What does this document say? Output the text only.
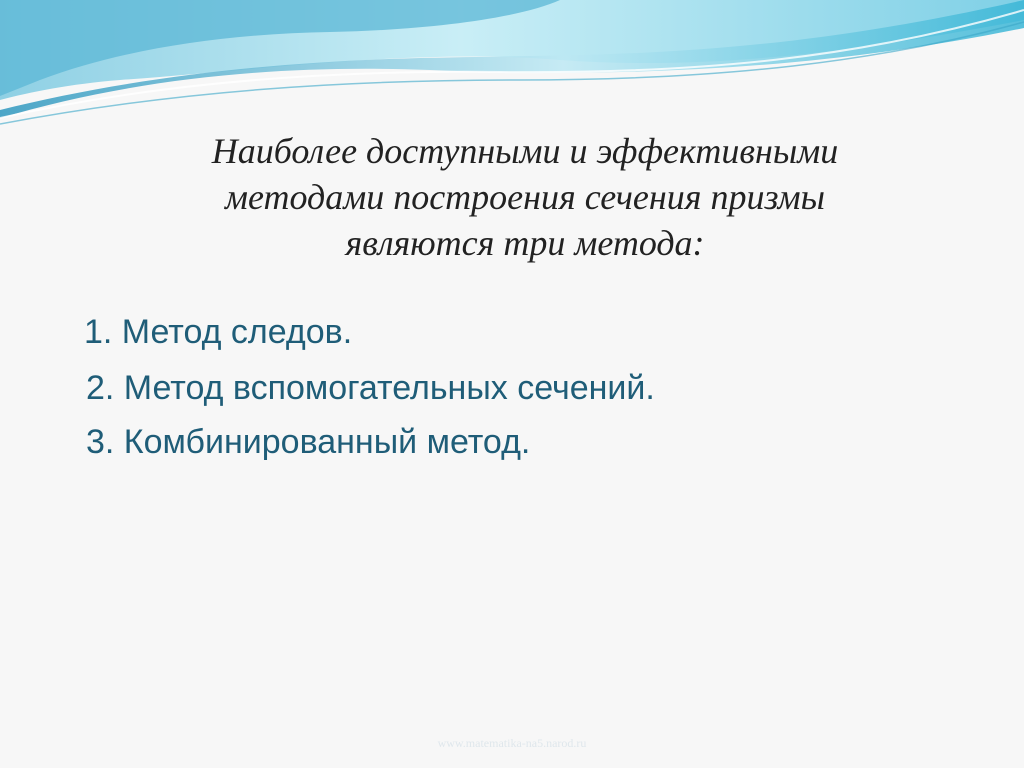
Наиболее доступными и эффективными
методами построения сечения призмы
являются три метода:

1. Метод следов.

2. Метод вспомогательных сечений.

3. Комбинированный метод.

www.matematika-na5.narod.ru
